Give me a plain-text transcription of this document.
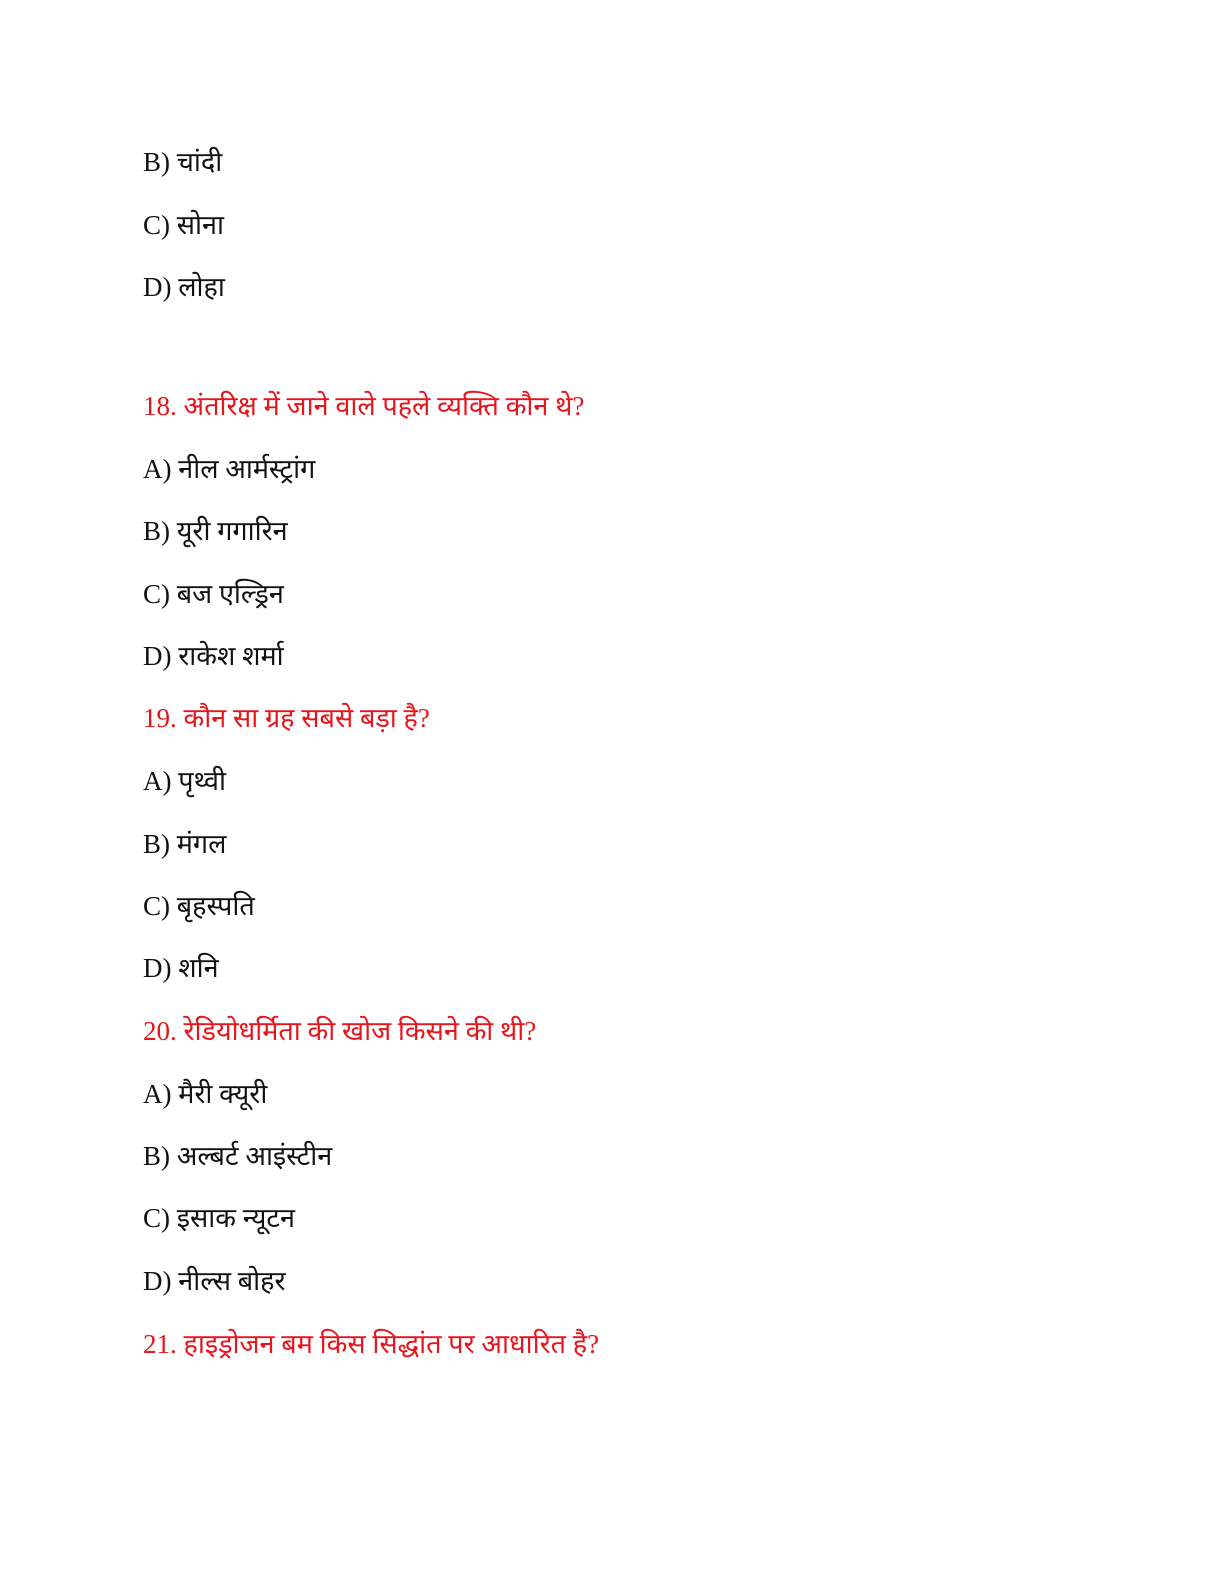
B) चांदी
C) सोना
D) लोहा
18. अंतरिक्ष में जाने वाले पहले व्यक्ति कौन थे?
A) नील आर्मस्ट्रांग
B) यूरी गगारिन
C) बज एल्ड्रिन
D) राकेश शर्मा
19. कौन सा ग्रह सबसे बड़ा है?
A) पृथ्वी
B) मंगल
C) बृहस्पति
D) शनि
20. रेडियोधर्मिता की खोज किसने की थी?
A) मैरी क्यूरी
B) अल्बर्ट आइंस्टीन
C) इसाक न्यूटन
D) नील्स बोहर
21. हाइड्रोजन बम किस सिद्धांत पर आधारित है?
